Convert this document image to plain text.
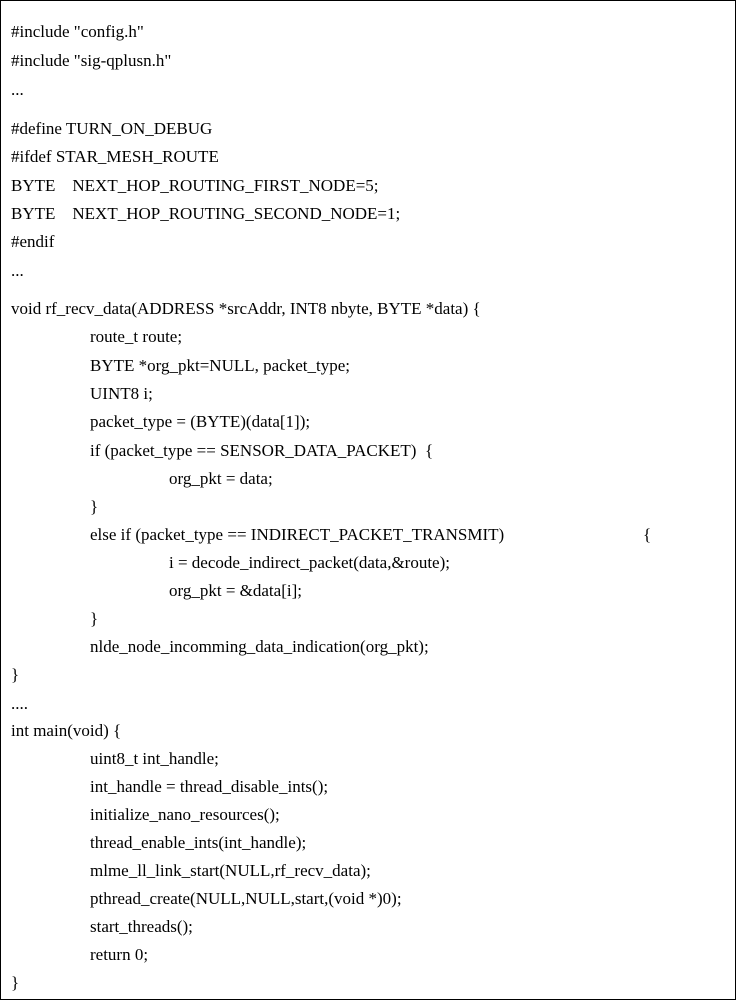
#include "config.h"
#include "sig-qplusn.h"
...
#define TURN_ON_DEBUG
#ifdef STAR_MESH_ROUTE
BYTE    NEXT_HOP_ROUTING_FIRST_NODE=5;
BYTE    NEXT_HOP_ROUTING_SECOND_NODE=1;
#endif
...
void rf_recv_data(ADDRESS *srcAddr, INT8 nbyte, BYTE *data) {
route_t route;
BYTE *org_pkt=NULL, packet_type;
UINT8 i;
packet_type = (BYTE)(data[1]);
if (packet_type == SENSOR_DATA_PACKET)  {
org_pkt = data;
}
else if (packet_type == INDIRECT_PACKET_TRANSMIT)	{
i = decode_indirect_packet(data,&route);
org_pkt = &data[i];
}
nlde_node_incomming_data_indication(org_pkt);
}
....
int main(void) {
uint8_t int_handle;
int_handle = thread_disable_ints();
initialize_nano_resources();
thread_enable_ints(int_handle);
mlme_ll_link_start(NULL,rf_recv_data);
pthread_create(NULL,NULL,start,(void *)0);
start_threads();
return 0;
}
